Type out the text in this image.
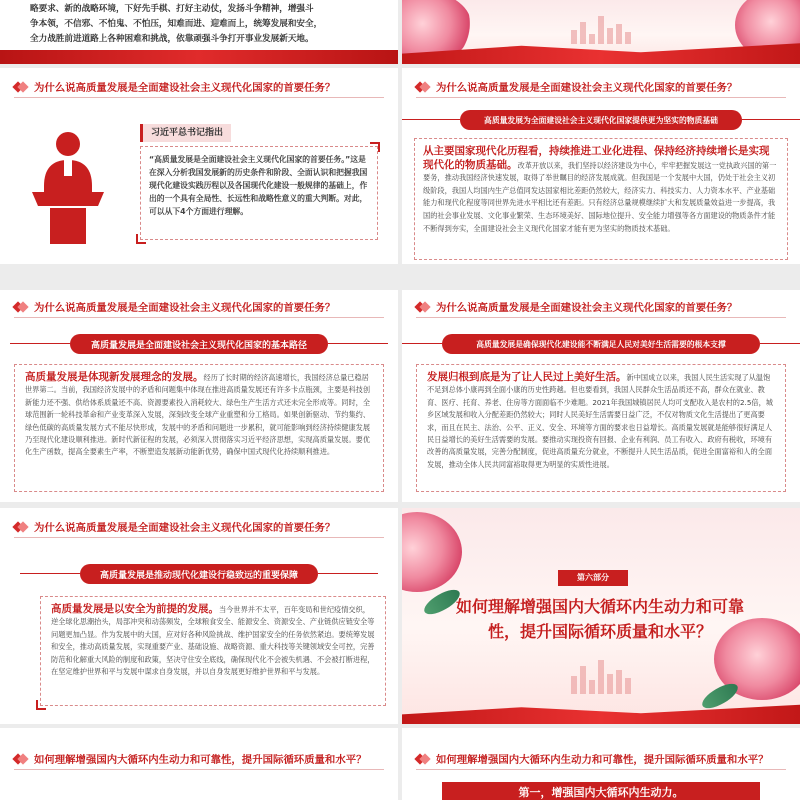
略要求、新的战略环境，下好先手棋、打好主动仗，发扬斗争精神，增强斗
争本领，不信邪、不怕鬼、不怕压，知难而进、迎难而上，统筹发展和安全，
全力战胜前进道路上各种困难和挑战，依靠顽强斗争打开事业发展新天地。
为什么说高质量发展是全面建设社会主义现代化国家的首要任务？
习近平总书记指出
“高质量发展是全面建设社会主义现代化国家的首要任务。”这是在深入分析我国发展新的历史条件和阶段、全面认识和把握我国现代化建设实践历程以及各国现代化建设一般规律的基础上，作出的一个具有全局性、长远性和战略性意义的重大判断。对此，可以从下4个方面进行理解。
为什么说高质量发展是全面建设社会主义现代化国家的首要任务？
高质量发展为全面建设社会主义现代化国家提供更为坚实的物质基础
从主要国家现代化历程看，持续推进工业化进程、保持经济持续增长是实现现代化的物质基础。改革开放以来，我们坚持以经济建设为中心，牢牢把握发展这一党执政兴国的第一要务，推动我国经济快速发展，取得了举世瞩目的经济发展成就。但我国是一个发展中大国，仍处于社会主义初级阶段，我国人均国内生产总值同发达国家相比差距仍然较大，经济实力、科技实力、人力资本水平、产业基础能力和现代化程度等同世界先进水平相比还有差距。只有经济总量规模继续扩大和发展质量效益进一步提高，我国的社会事业发展、文化事业繁荣、生态环境美好、国际地位提升、安全能力增强等各方面建设的物质条件才能不断得到夯实，全面建设社会主义现代化国家才能有更为坚实的物质技术基础。
为什么说高质量发展是全面建设社会主义现代化国家的首要任务？
高质量发展是全面建设社会主义现代化国家的基本路径
高质量发展是体现新发展理念的发展。经历了长时期的经济高速增长，我国经济总量已稳居世界第二。当前，我国经济发展中的矛盾和问题集中体现在推进高质量发展还有许多卡点瓶颈，主要是科技创新能力还不强、供给体系质量还不高、资源要素投入消耗较大、绿色生产生活方式还未完全形成等。同时，全球范围新一轮科技革命和产业变革深入发展，深刻改变全球产业重塑和分工格局。如果创新驱动、节约集约、绿色低碳的高质量发展方式不能尽快形成，发展中的矛盾和问题进一步累积，就可能影响到经济持续健康发展乃至现代化建设顺利推进。新时代新征程的发展，必须深入贯彻落实习近平经济思想，实现高质量发展。要优化生产函数，提高全要素生产率，不断塑造发展新动能新优势，确保中国式现代化持续顺利推进。
为什么说高质量发展是全面建设社会主义现代化国家的首要任务？
高质量发展是确保现代化建设能不断满足人民对美好生活需要的根本支撑
发展归根到底是为了让人民过上美好生活。新中国成立以来，我国人民生活实现了从温饱不足到总体小康再到全面小康的历史性跨越。但也要看到，我国人民群众生活品质还不高，群众在就业、教育、医疗、托育、养老、住房等方面面临不少难题。2021年我国城镇居民人均可支配收入是农村的2.5倍，城乡区域发展和收入分配差距仍然较大；同时人民美好生活需要日益广泛，不仅对物质文化生活提出了更高要求，而且在民主、法治、公平、正义、安全、环境等方面的要求也日益增长。高质量发展就是能够很好满足人民日益增长的美好生活需要的发展。要推动实现投资有回报、企业有利润、员工有收入、政府有税收，环境有改善的高质量发展，完善分配制度，促进高质量充分就业，不断提升人民生活品质，促进全面富裕和人的全面发展，推动全体人民共同富裕取得更为明显的实质性进展。
为什么说高质量发展是全面建设社会主义现代化国家的首要任务？
高质量发展是推动现代化建设行稳致远的重要保障
高质量发展是以安全为前提的发展。当今世界并不太平，百年变局和世纪疫情交织，逆全球化思潮抬头，局部冲突和动荡频发，全球粮食安全、能源安全、资源安全、产业链供应链安全等问题更加凸显。作为发展中的大国，应对好各种风险挑战、维护国家安全的任务依然紧迫。要统筹发展和安全，推动高质量发展，实现重要产业、基础设施、战略资源、重大科技等关键领域安全可控，完善防范和化解重大风险的制度和政策，坚决守住安全底线，确保现代化不会被失机遇、不会被打断进程，在坚定维护世界和平与发展中谋求自身发展，并以自身发展更好维护世界和平与发展。
第六部分
如何理解增强国内大循环内生动力和可靠性，提升国际循环质量和水平？
如何理解增强国内大循环内生动力和可靠性，提升国际循环质量和水平？	如何理解增强国内大循环内生动力和可靠性，提升国际循环质量和水平？
第一，增强国内大循环内生动力。
